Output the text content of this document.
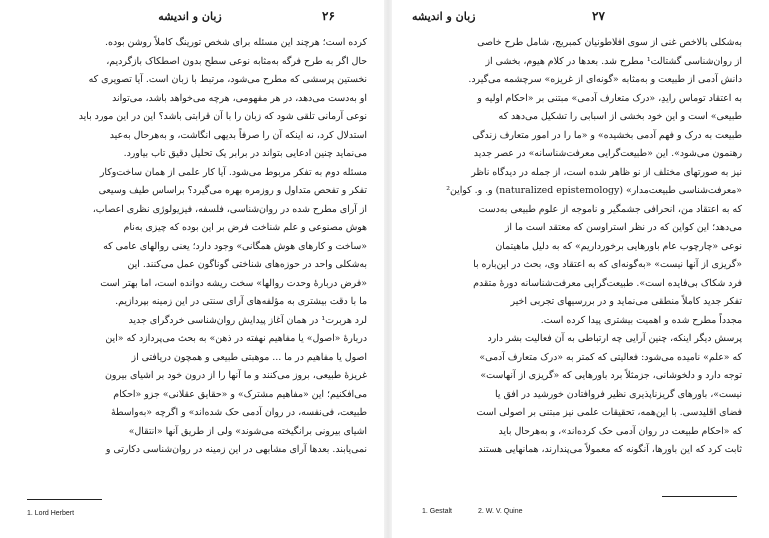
۲۶
زبان و اندیشه
کرده است؛ هرچند این مسئله برای شخص تورینگ کاملاً روشن بوده.
حال اگر به طرح فرگه به‌مثابه نوعی سطح بدون اصطکاک بازگردیم،
نخستین پرسشی که مطرح می‌شود، مرتبط با زبان است. آیا تصویری که
او به‌دست می‌دهد، در هر مفهومی، هرچه می‌خواهد باشد، می‌تواند
نوعی آرمانی تلقی شود که زبان را با آن قرابتی باشد؟ این در این مورد باید
استدلال کرد، نه اینکه آن را صرفاً بدیهی انگاشت، و به‌هرحال به‌عید
می‌نماید چنین ادعایی بتواند در برابر یک تحلیل دقیق تاب بیاورد.
مسئله دوم به تفکر مربوط می‌شود. آیا کار علمی از همان ساخت‌وکار
تفکر و تفحص متداول و روزمره بهره می‌گیرد؟ براساس طیف وسیعی
از آرای مطرح شده در روان‌شناسی، فلسفه، فیزیولوژی نظری اعصاب،
هوش مصنوعی و علم شناخت فرض بر این بوده که چیزی به‌نام
«ساخت و کارهای هوش همگانی» وجود دارد؛ یعنی روالهای عامی که
به‌شکلی واحد در حوزه‌های شناختی گوناگون عمل می‌کنند. این
«فرض دربارهٔ وحدت روالها» سخت ریشه دوانده است، اما بهتر است
ما با دقت بیشتری به مؤلفه‌های آرای سنتی در این زمینه بپردازیم.
لرد هربرت¹ در همان آغاز پیدایش روان‌شناسی خردگرای جدید
دربارهٔ «اصول» یا مفاهیم نهفته در ذهن» به بحث می‌پردازد که «این
اصول یا مفاهیم در ما ... موهبتی طبیعی و همچون دریافتی از
غریزهٔ طبیعی، بروز می‌کنند و ما آنها را از درون خود بر اشیای بیرون
می‌افکنیم؛ این «مفاهیم مشترک» و «حقایق عقلانی» جزو «احکام
طبیعت، فی‌نفسه، در روان آدمی حک شده‌اند» و اگرچه «به‌واسطهٔ
اشیای بیرونی برانگیخته می‌شوند» ولی از طریق آنها «انتقال»
نمی‌یابند. بعدها آرای مشابهی در این زمینه در روان‌شناسی دکارتی و
1. Lord Herbert
زبان و اندیشه	۲۷
به‌شکلی بالاخص غنی از سوی افلاطونیان کمبریج، شامل طرح خاصی
از روان‌شناسی گشتالت¹ مطرح شد. بعدها در کلام هیوم، بخشی از
دانش آدمی از طبیعت و به‌مثابه «گونه‌ای از غریزه» سرچشمه می‌گیرد.
به اعتقاد توماس رایدِ، «درک متعارف آدمی» مبتنی بر «احکام اولیه و
طبیعی» است و این خود بخشی از اسبابی را تشکیل می‌دهد که
طبیعت به درک و فهم آدمی بخشیده» و «ما را در امور متعارف زندگی
رهنمون می‌شود». این «طبیعت‌گرایی معرفت‌شناسانه» در عصر جدید
نیز به صورتهای مختلف از نو ظاهر شده است، از جمله در دیدگاه ناظر
«معرفت‌شناسی طبیعت‌مدار» (naturalized epistemology) و. و. کواین²
که به اعتقاد من، انحرافی جشمگیر و ناموجه از علوم طبیعی به‌دست
می‌دهد؛ این کواین که در نظر استراوسن که معتقد است ما از
نوعی «چارچوب عام باورهایی برخورداریم» که به دلیل ماهیتمان
«گریزی از آنها نیست» «به‌گونه‌ای که به اعتقاد وی، بحث در این‌باره با
فرد شکاک بی‌فایده است». طبیعت‌گرایی معرفت‌شناسانه دورهٔ متقدم
تفکر جدید کاملاً منطقی می‌نماید و در بررسیهای تجربی اخیر
مجدداً مطرح شده و اهمیت بیشتری پیدا کرده است.
پرسش دیگر اینکه، چنین آرایی چه ارتباطی به آن فعالیت بشر دارد
که «علم» نامیده می‌شود: فعالیتی که کمتر به «درک متعارف آدمی»
توجه دارد و دلخوشانی، جز‌مثلاً برد باورهایی که «گریزی از آنهاست»
نیست»، باورهای گریزناپذیری نظیر فروافتادن خورشید در افق یا
فضای اقلیدسی. با این‌همه، تحقیقات علمی نیز مبتنی بر اصولی است
که «احکام طبیعت در روان آدمی حک کرده‌اند»، و به‌هرحال باید
ثابت کرد که این باورها، آنگونه که معمولاً می‌پندارند، همانهایی هستند
1. Gestalt	2. W. V. Quine
